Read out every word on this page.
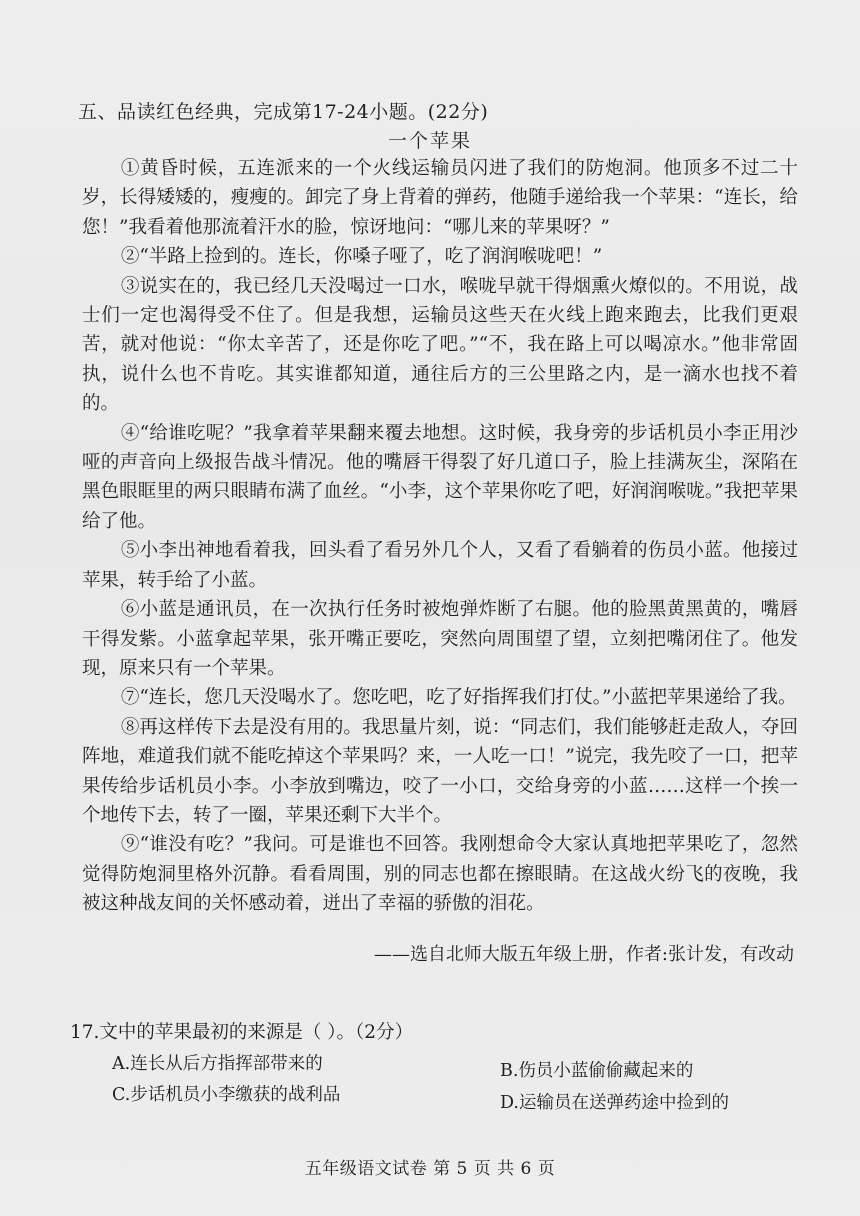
五、品读红色经典，完成第17-24小题。(22分)
一个苹果

①黄昏时候，五连派来的一个火线运输员闪进了我们的防炮洞。他顶多不过二十岁，长得矮矮的，瘦瘦的。卸完了身上背着的弹药，他随手递给我一个苹果：“连长，给您！”我看着他那流着汗水的脸，惊讶地问：“哪儿来的苹果呀？”

②“半路上捡到的。连长，你嗓子哑了，吃了润润喉咙吧！”

③说实在的，我已经几天没喝过一口水，喉咙早就干得烟熏火燎似的。不用说，战士们一定也渴得受不住了。但是我想，运输员这些天在火线上跑来跑去，比我们更艰苦，就对他说：“你太辛苦了，还是你吃了吧。”“不，我在路上可以喝凉水。”他非常固执，说什么也不肯吃。其实谁都知道，通往后方的三公里路之内，是一滴水也找不着的。

④“给谁吃呢？”我拿着苹果翻来覆去地想。这时候，我身旁的步话机员小李正用沙哑的声音向上级报告战斗情况。他的嘴唇干得裂了好几道口子，脸上挂满灰尘，深陷在黑色眼眶里的两只眼睛布满了血丝。“小李，这个苹果你吃了吧，好润润喉咙。”我把苹果给了他。

⑤小李出神地看着我，回头看了看另外几个人，又看了看躺着的伤员小蓝。他接过苹果，转手给了小蓝。

⑥小蓝是通讯员，在一次执行任务时被炮弹炸断了右腿。他的脸黑黄黑黄的，嘴唇干得发紫。小蓝拿起苹果，张开嘴正要吃，突然向周围望了望，立刻把嘴闭住了。他发现，原来只有一个苹果。

⑦“连长，您几天没喝水了。您吃吧，吃了好指挥我们打仗。”小蓝把苹果递给了我。

⑧再这样传下去是没有用的。我思量片刻，说：“同志们，我们能够赶走敌人，夺回阵地，难道我们就不能吃掉这个苹果吗？来，一人吃一口！”说完，我先咬了一口，把苹果传给步话机员小李。小李放到嘴边，咬了一小口，交给身旁的小蓝……这样一个挨一个地传下去，转了一圈，苹果还剩下大半个。

⑨“谁没有吃？”我问。可是谁也不回答。我刚想命令大家认真地把苹果吃了，忽然觉得防炮洞里格外沉静。看看周围，别的同志也都在擦眼睛。在这战火纷飞的夜晚，我被这种战友间的关怀感动着，迸出了幸福的骄傲的泪花。

——选自北师大版五年级上册，作者:张计发，有改动
17.文中的苹果最初的来源是（ ）。（2分）
A.连长从后方指挥部带来的	B.伤员小蓝偷偷藏起来的
C.步话机员小李缴获的战利品	D.运输员在送弹药途中捡到的
五年级语文试卷 第 5 页 共 6 页
